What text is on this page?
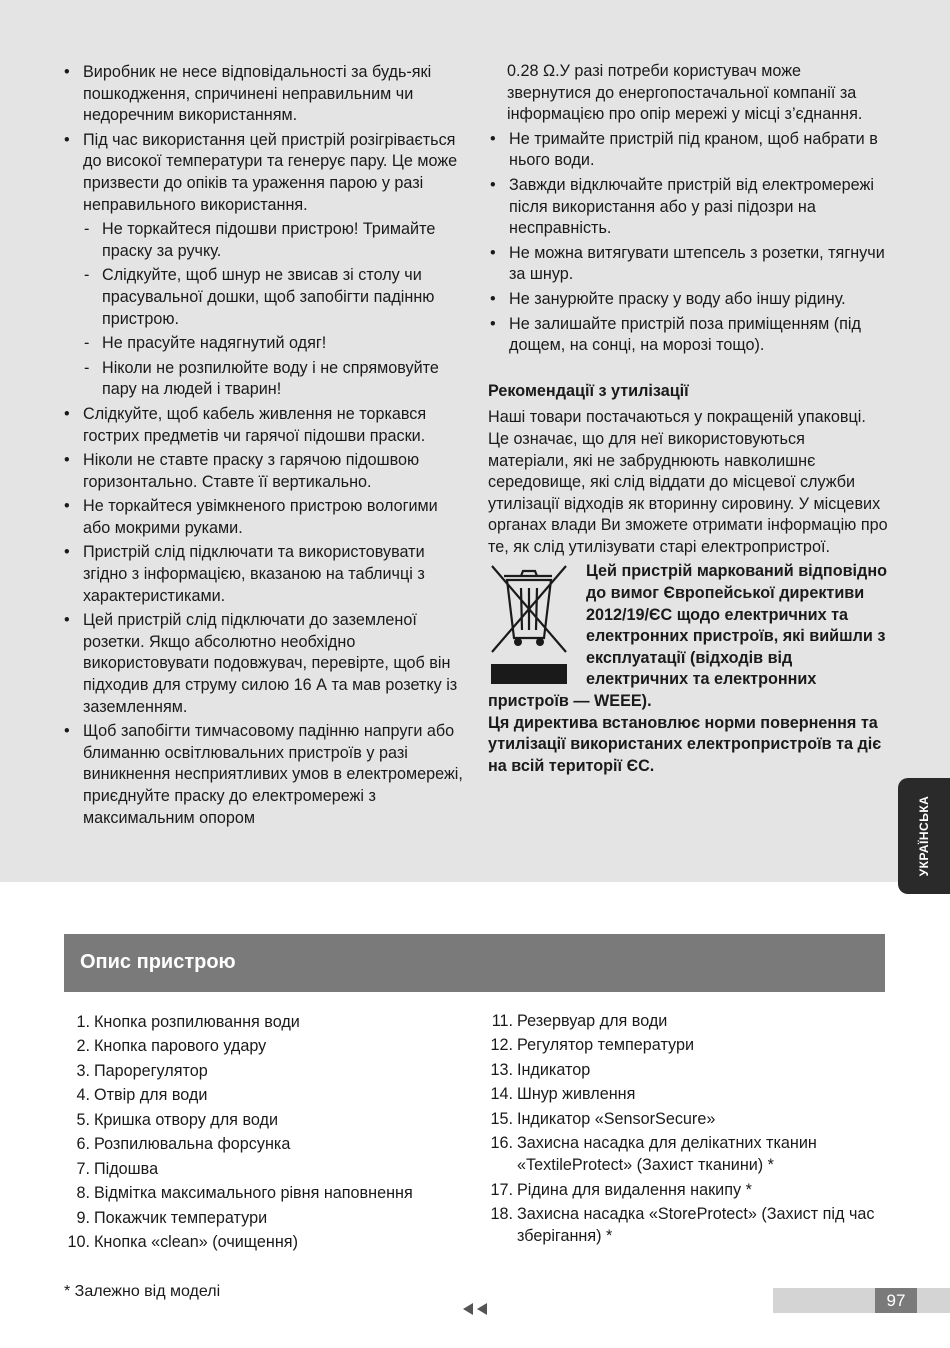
• Виробник не несе відповідальності за будь-які пошкодження, спричинені неправильним чи недоречним використанням.
• Під час використання цей пристрій розігрівається до високої температури та генерує пару. Це може призвести до опіків та ураження парою у разі неправильного використання.
- Не торкайтеся підошви пристрою! Тримайте праску за ручку.
- Слідкуйте, щоб шнур не звисав зі столу чи прасувальної дошки, щоб запобігти падінню пристрою.
- Не прасуйте надягнутий одяг!
- Ніколи не розпилюйте воду і не спрямовуйте пару на людей і тварин!
• Слідкуйте, щоб кабель живлення не торкався гострих предметів чи гарячої підошви праски.
• Ніколи не ставте праску з гарячою підошвою горизонтально. Ставте її вертикально.
• Не торкайтеся увімкненого пристрою вологими або мокрими руками.
• Пристрій слід підключати та використовувати згідно з інформацією, вказаною на табличці з характеристиками.
• Цей пристрій слід підключати до заземленої розетки. Якщо абсолютно необхідно використовувати подовжувач, перевірте, щоб він підходив для струму силою 16 А та мав розетку із заземленням.
• Щоб запобігти тимчасовому падінню напруги або блиманню освітлювальних пристроїв у разі виникнення несприятливих умов в електромережі, приєднуйте праску до електромережі з максимальним опором
0.28 Ω.У разі потреби користувач може звернутися до енергопостачальної компанії за інформацією про опір мережі у місці з’єднання.
• Не тримайте пристрій під краном, щоб набрати в нього води.
• Завжди відключайте пристрій від електромережі після використання або у разі підозри на несправність.
• Не можна витягувати штепсель з розетки, тягнучи за шнур.
• Не занурюйте праску у воду або іншу рідину.
• Не залишайте пристрій поза приміщенням (під дощем, на сонці, на морозі тощо).
Рекомендації з утилізації
Наші товари постачаються у покращеній упаковці. Це означає, що для неї використовуються матеріали, які не забруднюють навколишнє середовище, які слід віддати до місцевої служби утилізації відходів як вторинну сировину. У місцевих органах влади Ви зможете отримати інформацію про те, як слід утилізувати старі електропристрої.
Цей пристрій маркований відповідно до вимог Європейської директиви 2012/19/ЄС щодо електричних та електронних пристроїв, які вийшли з експлуатації (відходів від електричних та електронних пристроїв — WEEE).
Ця директива встановлює норми повернення та утилізації використаних електропристроїв та діє на всій території ЄС.
УКРАЇНСЬКА
Опис пристрою
1. Кнопка розпилювання води
2. Кнопка парового удару
3. Парорегулятор
4. Отвір для води
5. Кришка отвору для води
6. Розпилювальна форсунка
7. Підошва
8. Відмітка максимального рівня наповнення
9. Покажчик температури
10. Кнопка «clean» (очищення)
11. Резервуар для води
12. Регулятор температури
13. Індикатор
14. Шнур живлення
15. Індикатор «SensorSecure»
16. Захисна насадка для делікатних тканин «TextileProtect» (Захист тканини) *
17. Рідина для видалення накипу *
18. Захисна насадка «StoreProtect» (Захист під час зберігання) *
* Залежно від моделі	97
